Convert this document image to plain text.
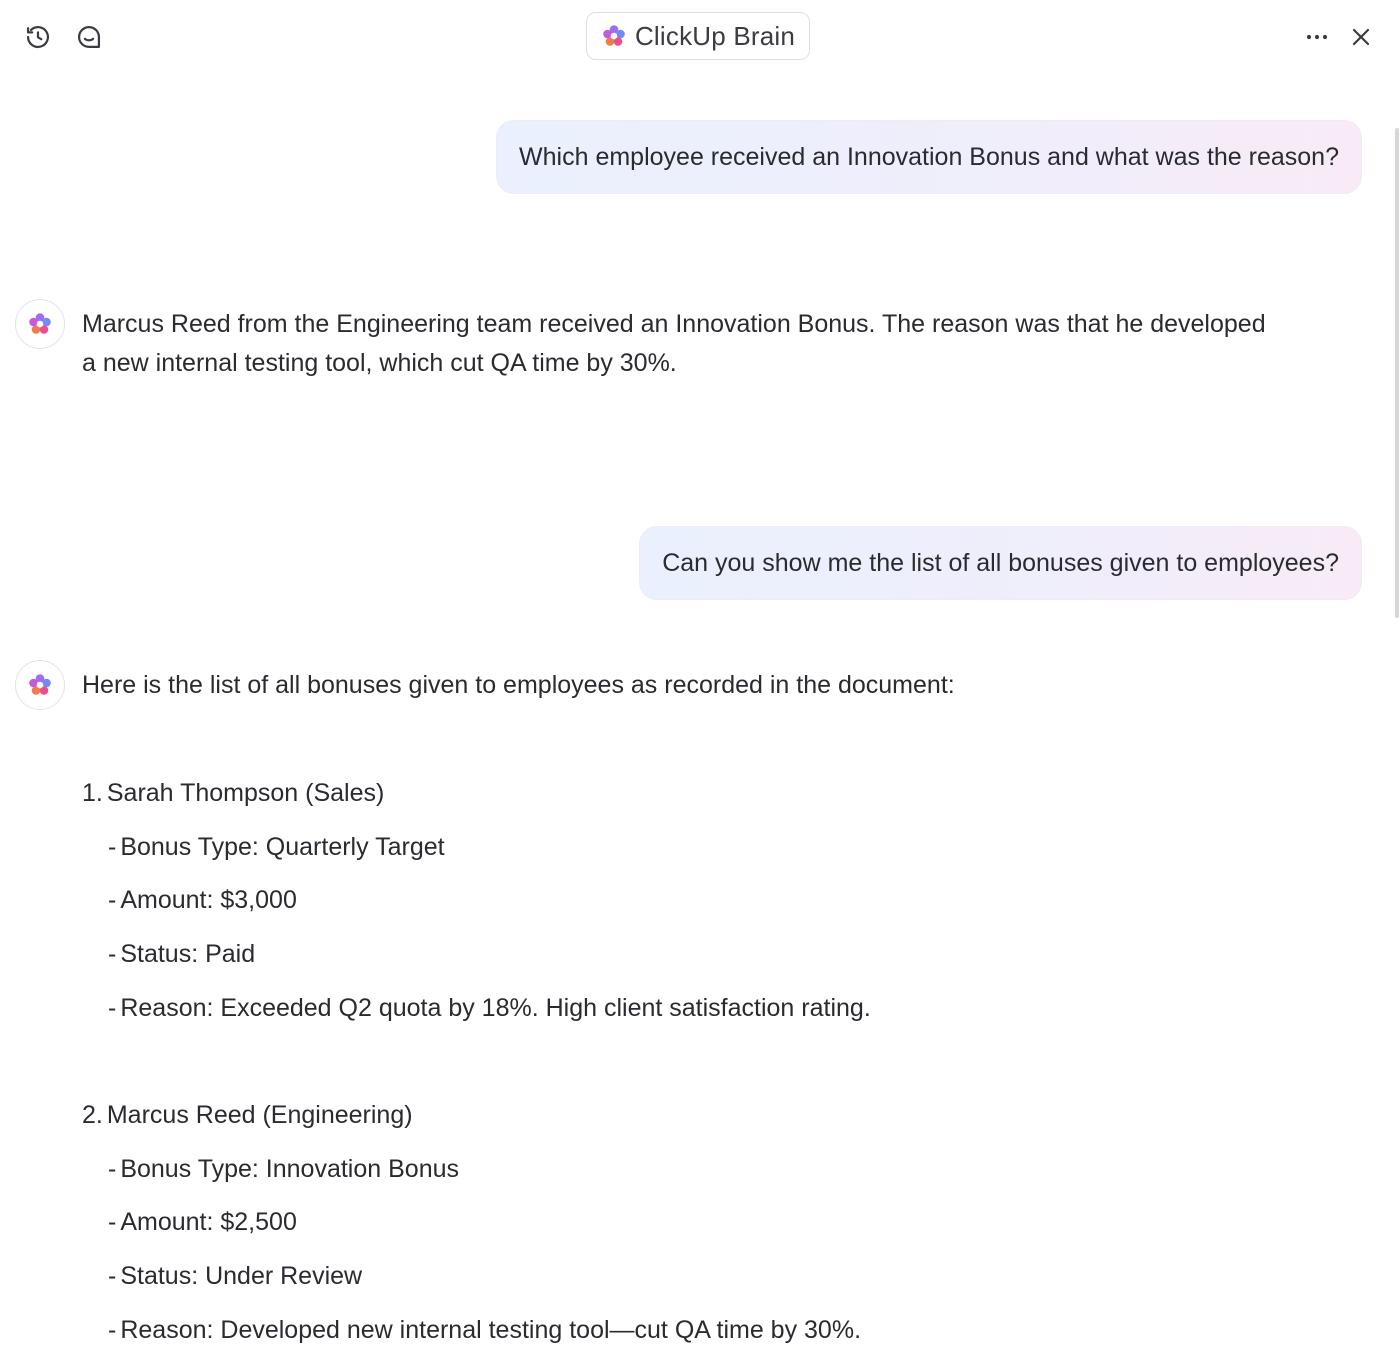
ClickUp Brain
Which employee received an Innovation Bonus and what was the reason?
Marcus Reed from the Engineering team received an Innovation Bonus. The reason was that he developed
a new internal testing tool, which cut QA time by 30%.
Can you show me the list of all bonuses given to employees?
Here is the list of all bonuses given to employees as recorded in the document:
1. Sarah Thompson (Sales)
- Bonus Type: Quarterly Target
- Amount: $3,000
- Status: Paid
- Reason: Exceeded Q2 quota by 18%. High client satisfaction rating.
2. Marcus Reed (Engineering)
- Bonus Type: Innovation Bonus
- Amount: $2,500
- Status: Under Review
- Reason: Developed new internal testing tool—cut QA time by 30%.
